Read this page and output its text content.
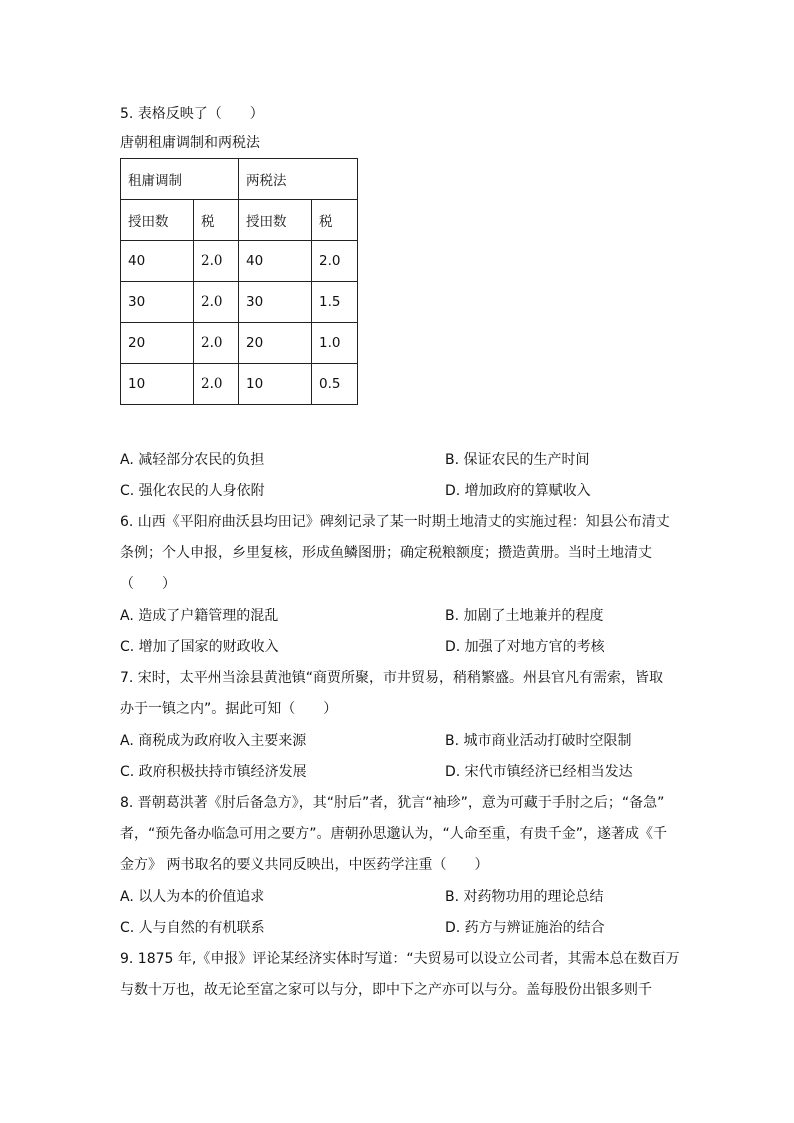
5. 表格反映了（　　）
唐朝租庸调制和两税法
租庸调制		两税法	
授田数	税	授田数	税
40	2.0	40	2.0
30	2.0	30	1.5
20	2.0	20	1.0
10	2.0	10	0.5
A. 减轻部分农民的负担	B. 保证农民的生产时间
C. 强化农民的人身依附	D. 增加政府的算赋收入
6. 山西《平阳府曲沃县均田记》碑刻记录了某一时期土地清丈的实施过程：知县公布清丈
条例；个人申报，乡里复核，形成鱼鳞图册；确定税粮额度；攒造黄册。当时土地清丈
（　　）
A. 造成了户籍管理的混乱	B. 加剧了土地兼并的程度
C. 增加了国家的财政收入	D. 加强了对地方官的考核
7. 宋时，太平州当涂县黄池镇“商贾所聚，市井贸易，稍稍繁盛。州县官凡有需索，皆取
办于一镇之内”。据此可知（　　）
A. 商税成为政府收入主要来源	B. 城市商业活动打破时空限制
C. 政府积极扶持市镇经济发展	D. 宋代市镇经济已经相当发达
8. 晋朝葛洪著《肘后备急方》，其“肘后”者，犹言“袖珍”，意为可藏于手肘之后；“备急”
者，“预先备办临急可用之要方”。唐朝孙思邈认为，“人命至重，有贵千金”，遂著成《千
金方》 两书取名的要义共同反映出，中医药学注重（　　）
A. 以人为本的价值追求	B. 对药物功用的理论总结
C. 人与自然的有机联系	D. 药方与辨证施治的结合
9. 1875 年,《申报》评论某经济实体时写道：“夫贸易可以设立公司者，其需本总在数百万
与数十万也，故无论至富之家可以与分，即中下之产亦可以与分。盖每股份出银多则千
